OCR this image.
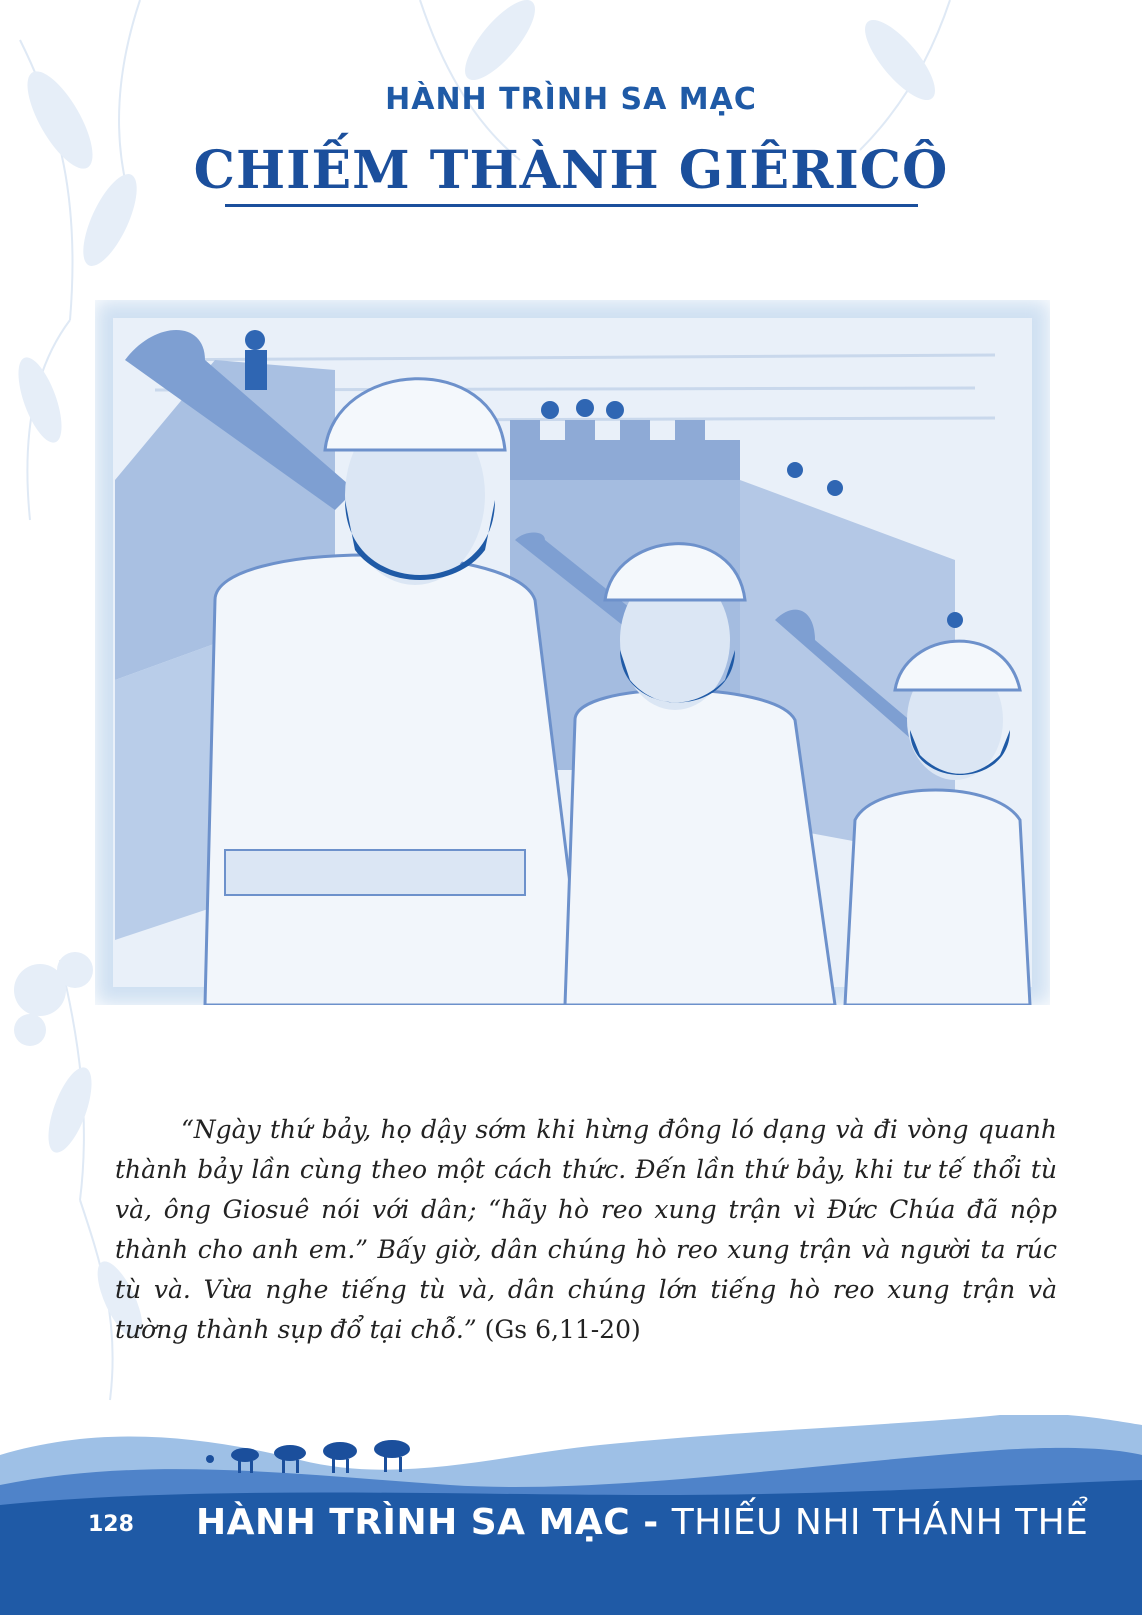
HÀNH TRÌNH SA MẠC
CHIẾM THÀNH GIÊRICÔ

“Ngày thứ bảy, họ dậy sớm khi hừng đông ló dạng và đi vòng quanh thành bảy lần cùng theo một cách thức. Đến lần thứ bảy, khi tư tế thổi tù và, ông Giosuê nói với dân; “hãy hò reo xung trận vì Đức Chúa đã nộp thành cho anh em.” Bấy giờ, dân chúng hò reo xung trận và người ta rúc tù và. Vừa nghe tiếng tù và, dân chúng lớn tiếng hò reo xung trận và tường thành sụp đổ tại chỗ.” (Gs 6,11-20)

128 HÀNH TRÌNH SA MẠC - THIẾU NHI THÁNH THỂ
